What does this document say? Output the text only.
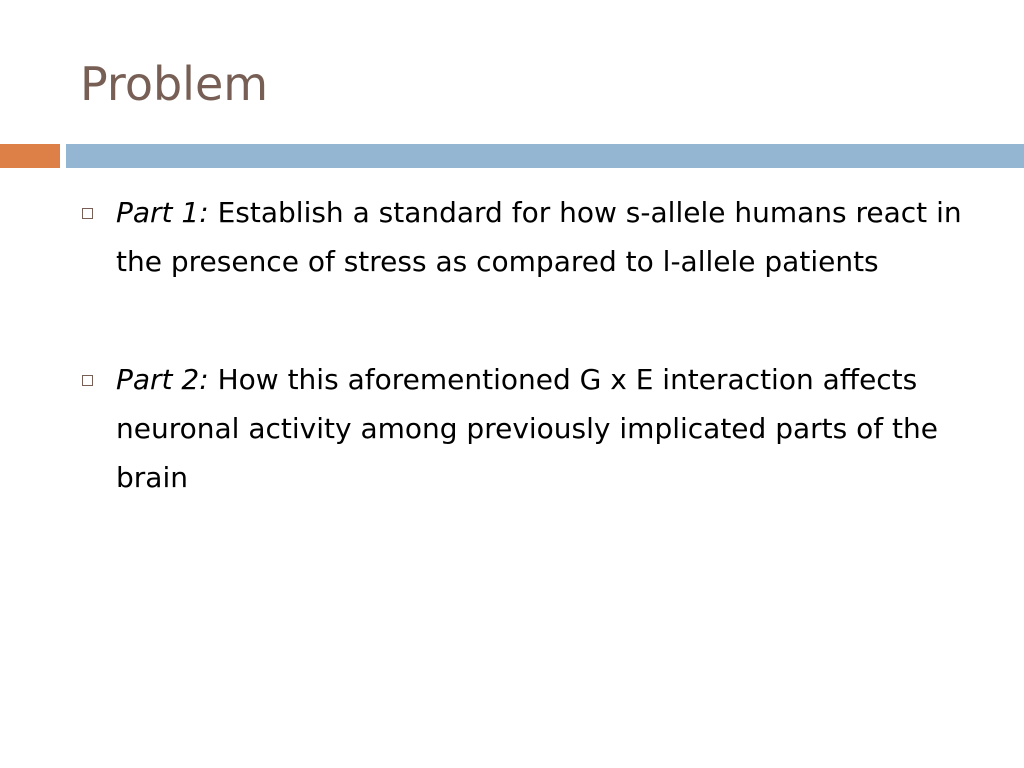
Problem
Part 1: Establish a standard for how s-allele humans react in the presence of stress as compared to l-allele patients
Part 2: How this aforementioned G x E interaction affects neuronal activity among previously implicated parts of the brain
